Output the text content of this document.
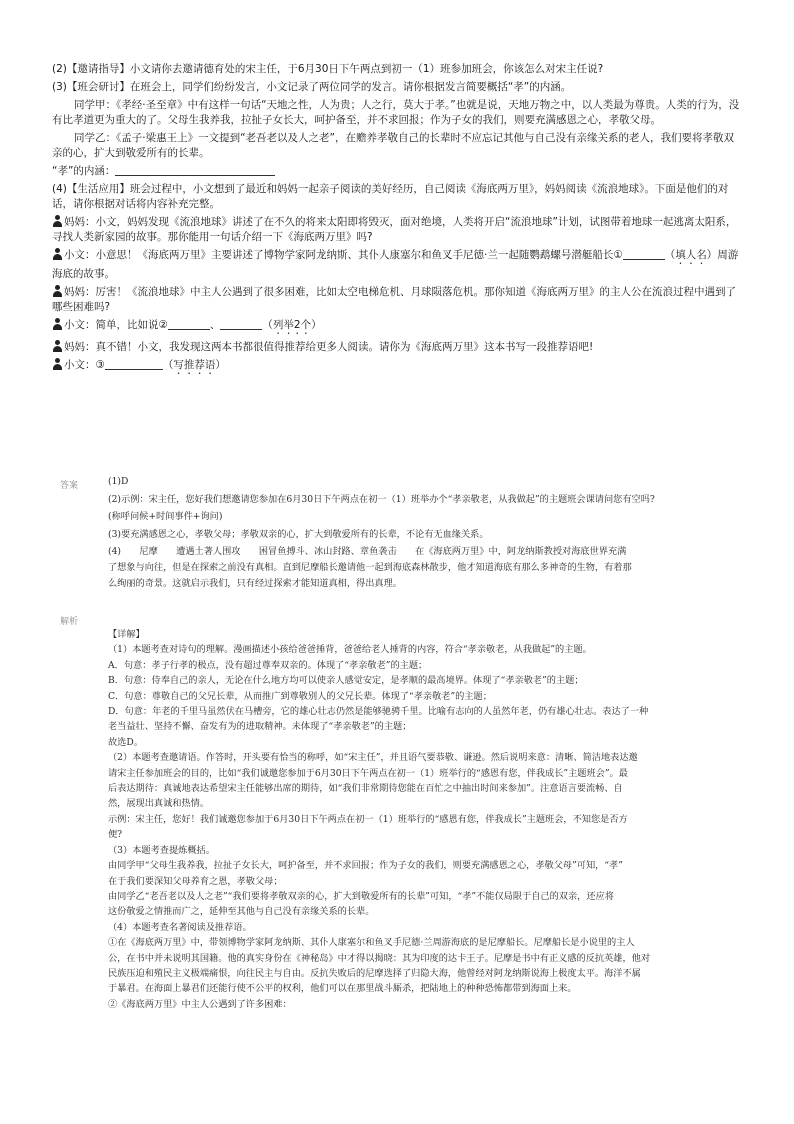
(2)【邀请指导】小文请你去邀请德育处的宋主任，于6月30日下午两点到初一（1）班参加班会，你该怎么对宋主任说?

(3)【班会研讨】在班会上，同学们纷纷发言，小文记录了两位同学的发言。请你根据发言简要概括“孝”的内涵。

同学甲：《孝经·圣至章》中有这样一句话“天地之性，人为贵；人之行，莫大于孝。”也就是说，天地万物之中，以人类最为尊贵。人类的行为，没有比孝道更为重大的了。父母生我养我，拉扯子女长大，呵护备至，并不求回报；作为子女的我们，则要充满感恩之心，孝敬父母。

同学乙：《孟子·梁惠王上》一文提到“老吾老以及人之老”，在赡养孝敬自己的长辈时不应忘记其他与自己没有亲缘关系的老人，我们要将孝敬双亲的心，扩大到敬爱所有的长辈。

“孝”的内涵：

(4)【生活应用】班会过程中，小文想到了最近和妈妈一起亲子阅读的美好经历，自己阅读《海底两万里》，妈妈阅读《流浪地球》。下面是他们的对话，请你根据对话将内容补充完整。

妈妈：小文，妈妈发现《流浪地球》讲述了在不久的将来太阳即将毁灭，面对绝境，人类将开启“流浪地球”计划，试图带着地球一起逃离太阳系，寻找人类新家园的故事。那你能用一句话介绍一下《海底两万里》吗?

小文：小意思！《海底两万里》主要讲述了博物学家阿龙纳斯、其仆人康塞尔和鱼叉手尼德·兰一起随鹦鹉螺号潜艇船长①	（填人名）周游海底的故事。

妈妈：厉害！《流浪地球》中主人公遇到了很多困难，比如太空电梯危机、月球陨落危机。那你知道《海底两万里》的主人公在流浪过程中遇到了哪些困难吗?

小文：简单，比如说②	、	（列举2个）

妈妈：真不错！小文，我发现这两本书都很值得推荐给更多人阅读。请你为《海底两万里》这本书写一段推荐语吧!

小文：③	（写推荐语）

答案	(1)D

(2)示例：宋主任，您好我们想邀请您参加在6月30日下午两点在初一（1）班举办个“孝亲敬老，从我做起”的主题班会课请问您有空吗?

(称呼问候+时间事件+询问)

(3)要充满感恩之心，孝敬父母；孝敬双亲的心，扩大到敬爱所有的长辈，不论有无血缘关系。

(4)　　尼摩　　遭遇土著人围攻　　困冒鱼搏斗、冰山封路、章鱼袭击　　在《海底两万里》中，阿龙纳斯教授对海底世界充满

了想象与向往，但是在探索之前没有真相。直到尼摩船长邀请他一起到海底森林散步，他才知道海底有那么多神奇的生物，有着那

么绚丽的奇景。这就启示我们，只有经过探索才能知道真相，得出真理。

解析

【详解】

（1）本题考查对诗句的理解。漫画描述小孩给爸爸捶背，爸爸给老人捶背的内容，符合“孝亲敬老，从我做起”的主题。

A．句意：孝子行孝的极点，没有超过尊奉双亲的。体现了“孝亲敬老”的主题；

B．句意：侍奉自己的亲人，无论在什么地方均可以使亲人感觉安定，是孝顺的最高境界。体现了“孝亲敬老”的主题；

C．句意：尊敬自己的父兄长辈，从而推广到尊敬别人的父兄长辈。体现了“孝亲敬老”的主题；

D．句意：年老的千里马虽然伏在马槽旁，它的雄心壮志仍然是能够驰骋千里。比喻有志向的人虽然年老，仍有雄心壮志。表达了一种

老当益壮、坚持不懈、奋发有为的进取精神。未体现了“孝亲敬老”的主题；

故选D。

（2）本题考查邀请语。作答时，开头要有恰当的称呼，如“宋主任”，并且语气要恭敬、谦逊。然后说明来意：清晰、简洁地表达邀

请宋主任参加班会的目的，比如“我们诚邀您参加于6月30日下午两点在初一（1）班举行的“感恩有您，伴我成长”主题班会”。最

后表达期待：真诚地表达希望宋主任能够出席的期待，如“我们非常期待您能在百忙之中抽出时间来参加”。注意语言要流畅、自

然，展现出真诚和热情。

示例：宋主任，您好！我们诚邀您参加于6月30日下午两点在初一（1）班举行的“感恩有您，伴我成长”主题班会，不知您是否方

便?

（3）本题考查提炼概括。

由同学甲“父母生我养我，拉扯子女长大，呵护备至，并不求回报；作为子女的我们，则要充满感恩之心，孝敬父母”可知，“孝”

在于我们要深知父母养育之恩，孝敬父母；

由同学乙“老吾老以及人之老”“我们要将孝敬双亲的心，扩大到敬爱所有的长辈”可知，“孝”不能仅局限于自己的双亲，还应将

这份敬爱之情推而广之，延伸至其他与自己没有亲缘关系的长辈。

（4）本题考查名著阅读及推荐语。

①在《海底两万里》中，带领博物学家阿龙纳斯、其仆人康塞尔和鱼叉手尼德·兰周游海底的是尼摩船长。尼摩船长是小说里的主人

公，在书中并未说明其国籍。他的真实身份在《神秘岛》中才得以揭晓：其为印度的达卡王子。尼摩是书中有正义感的反抗英雄，他对

民族压迫和殖民主义极端痛恨，向往民主与自由。反抗失败后的尼摩选择了归隐大海，他曾经对阿龙纳斯说海上极度太平。海洋不属

于暴君。在海面上暴君们还能行使不公平的权利，他们可以在那里战斗厮杀，把陆地上的种种恐怖都带到海面上来。

②《海底两万里》中主人公遇到了许多困难：
